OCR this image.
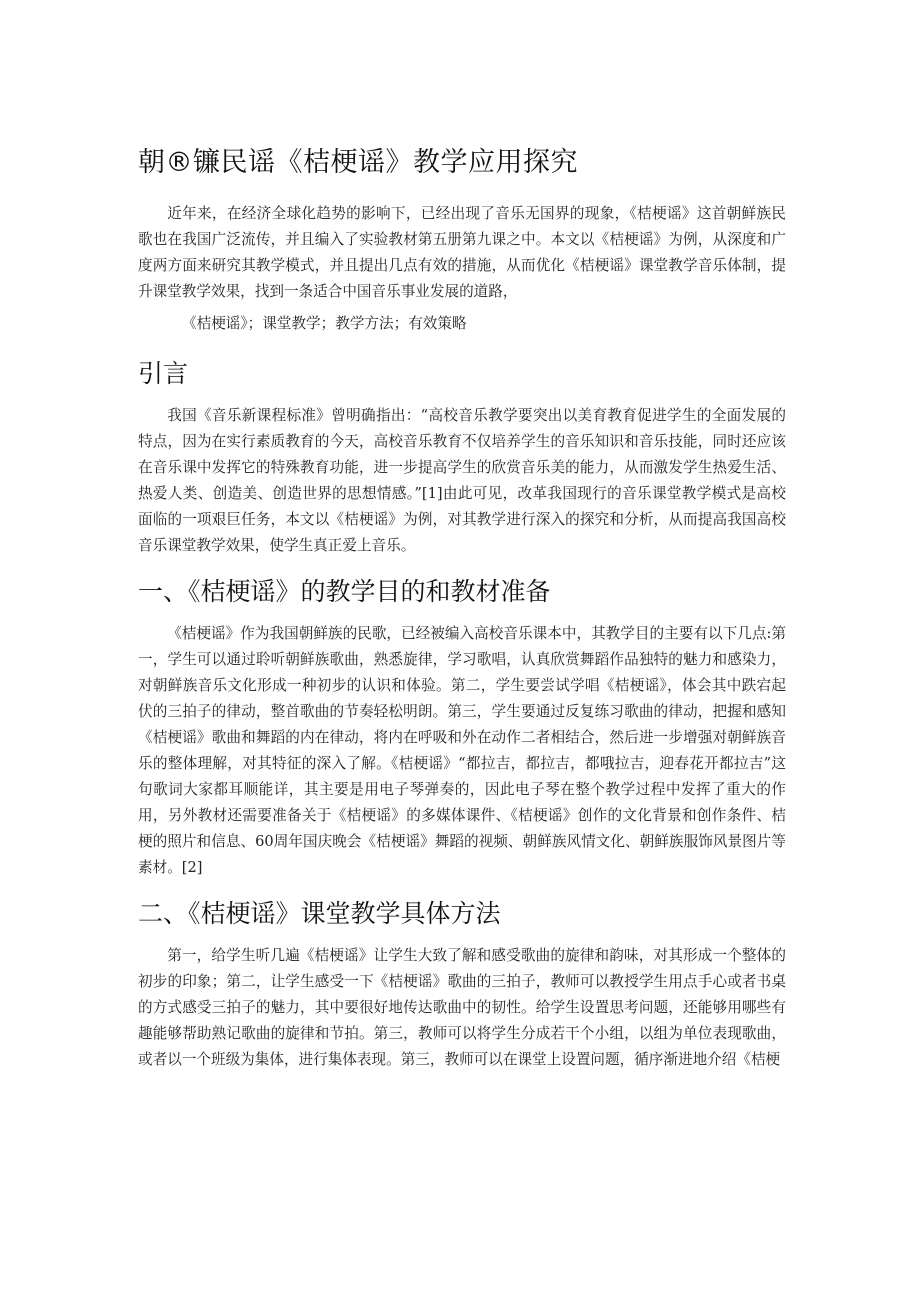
朝®镰民谣《桔梗谣》教学应用探究

近年来，在经济全球化趋势的影响下，已经出现了音乐无国界的现象，《桔梗谣》这首朝鲜族民歌也在我国广泛流传，并且编入了实验教材第五册第九课之中。本文以《桔梗谣》为例，从深度和广度两方面来研究其教学模式，并且提出几点有效的措施，从而优化《桔梗谣》课堂教学音乐体制，提升课堂教学效果，找到一条适合中国音乐事业发展的道路，

《桔梗谣》；课堂教学；教学方法；有效策略

引言

我国《音乐新课程标准》曾明确指出：“高校音乐教学要突出以美育教育促进学生的全面发展的特点，因为在实行素质教育的今天，高校音乐教育不仅培养学生的音乐知识和音乐技能，同时还应该在音乐课中发挥它的特殊教育功能，进一步提高学生的欣赏音乐美的能力，从而激发学生热爱生活、热爱人类、创造美、创造世界的思想情感。”[1]由此可见，改革我国现行的音乐课堂教学模式是高校面临的一项艰巨任务，本文以《桔梗谣》为例，对其教学进行深入的探究和分析，从而提高我国高校音乐课堂教学效果，使学生真正爱上音乐。

一、《桔梗谣》的教学目的和教材准备

《桔梗谣》作为我国朝鲜族的民歌，已经被编入高校音乐课本中，其教学目的主要有以下几点:第一，学生可以通过聆听朝鲜族歌曲，熟悉旋律，学习歌唱，认真欣赏舞蹈作品独特的魅力和感染力，对朝鲜族音乐文化形成一种初步的认识和体验。第二，学生要尝试学唱《桔梗谣》，体会其中跌宕起伏的三拍子的律动，整首歌曲的节奏轻松明朗。第三，学生要通过反复练习歌曲的律动，把握和感知《桔梗谣》歌曲和舞蹈的内在律动，将内在呼吸和外在动作二者相结合，然后进一步增强对朝鲜族音乐的整体理解，对其特征的深入了解。《桔梗谣》“都拉吉，都拉吉，都哦拉吉，迎春花开都拉吉”这句歌词大家都耳顺能详，其主要是用电子琴弹奏的，因此电子琴在整个教学过程中发挥了重大的作用，另外教材还需要准备关于《桔梗谣》的多媒体课件、《桔梗谣》创作的文化背景和创作条件、桔梗的照片和信息、60周年国庆晚会《桔梗谣》舞蹈的视频、朝鲜族风情文化、朝鲜族服饰风景图片等素材。[2]

二、《桔梗谣》课堂教学具体方法

第一，给学生听几遍《桔梗谣》让学生大致了解和感受歌曲的旋律和韵味，对其形成一个整体的初步的印象；第二，让学生感受一下《桔梗谣》歌曲的三拍子，教师可以教授学生用点手心或者书桌的方式感受三拍子的魅力，其中要很好地传达歌曲中的韧性。给学生设置思考问题，还能够用哪些有趣能够帮助熟记歌曲的旋律和节拍。第三，教师可以将学生分成若干个小组，以组为单位表现歌曲，或者以一个班级为集体，进行集体表现。第三，教师可以在课堂上设置问题，循序渐进地介绍《桔梗
